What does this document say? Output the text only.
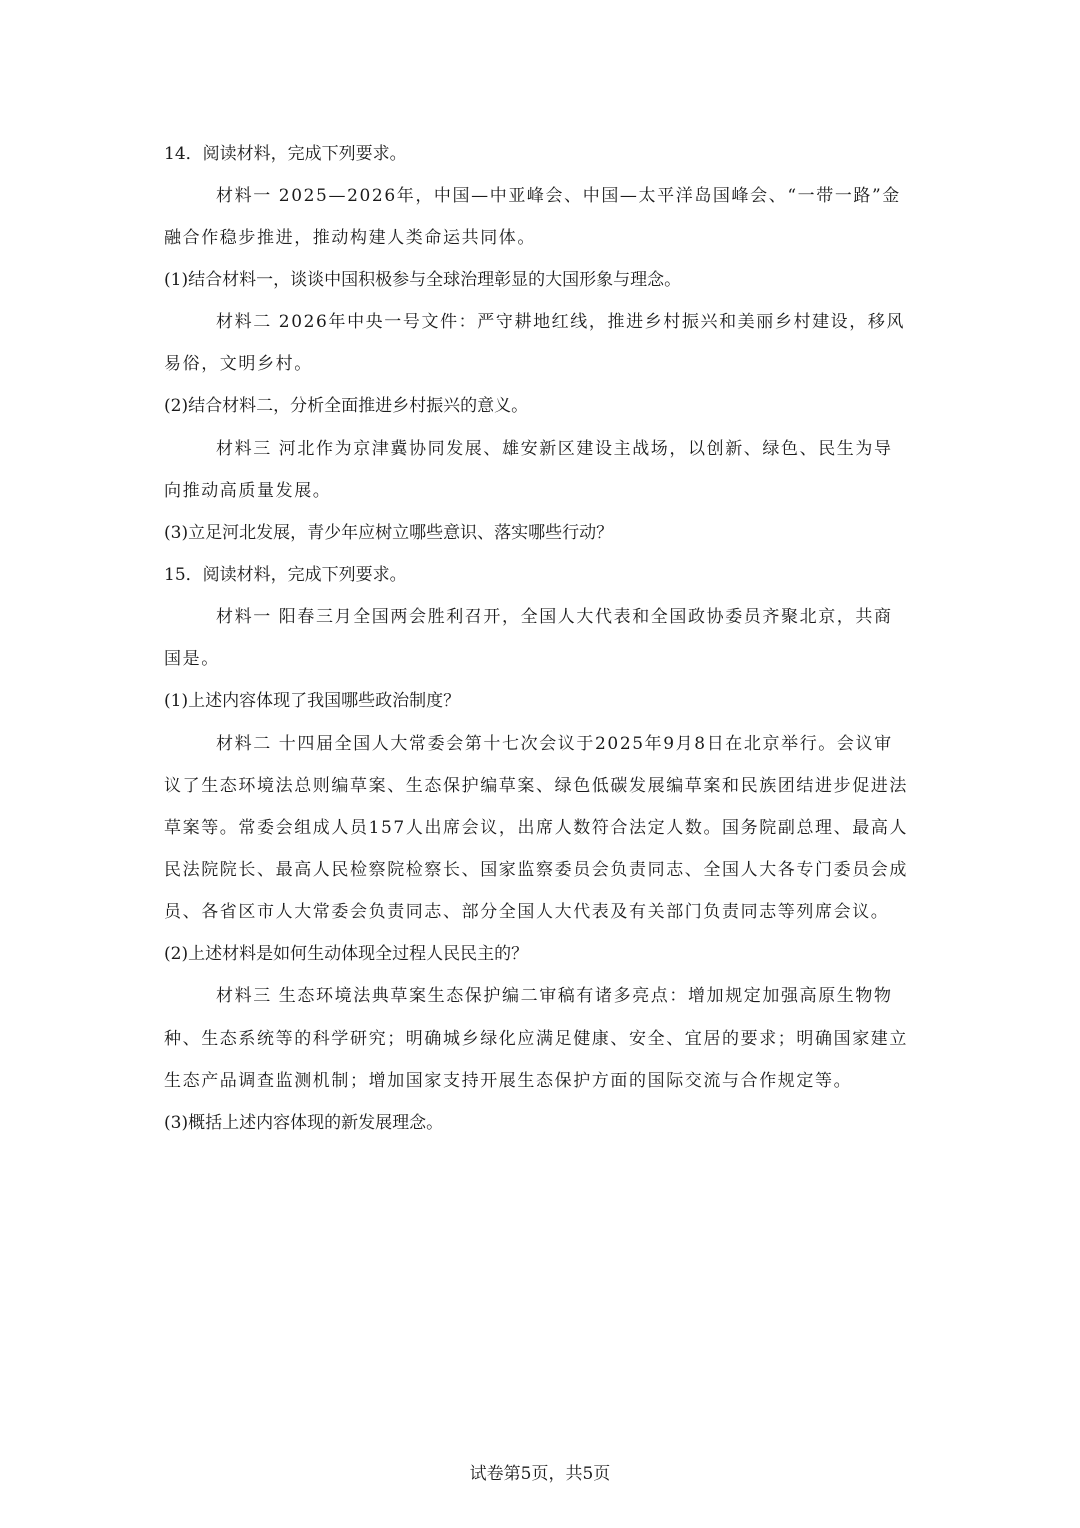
14．阅读材料，完成下列要求。
材料一 2025—2026年，中国—中亚峰会、中国—太平洋岛国峰会、“一带一路”金
融合作稳步推进，推动构建人类命运共同体。
(1)结合材料一，谈谈中国积极参与全球治理彰显的大国形象与理念。
材料二 2026年中央一号文件：严守耕地红线，推进乡村振兴和美丽乡村建设，移风
易俗，文明乡村。
(2)结合材料二，分析全面推进乡村振兴的意义。
材料三 河北作为京津冀协同发展、雄安新区建设主战场，以创新、绿色、民生为导
向推动高质量发展。
(3)立足河北发展，青少年应树立哪些意识、落实哪些行动？
15．阅读材料，完成下列要求。
材料一 阳春三月全国两会胜利召开，全国人大代表和全国政协委员齐聚北京，共商
国是。
(1)上述内容体现了我国哪些政治制度？
材料二 十四届全国人大常委会第十七次会议于2025年9月8日在北京举行。会议审
议了生态环境法总则编草案、生态保护编草案、绿色低碳发展编草案和民族团结进步促进法
草案等。常委会组成人员157人出席会议，出席人数符合法定人数。国务院副总理、最高人
民法院院长、最高人民检察院检察长、国家监察委员会负责同志、全国人大各专门委员会成
员、各省区市人大常委会负责同志、部分全国人大代表及有关部门负责同志等列席会议。
(2)上述材料是如何生动体现全过程人民民主的？
材料三 生态环境法典草案生态保护编二审稿有诸多亮点：增加规定加强高原生物物
种、生态系统等的科学研究；明确城乡绿化应满足健康、安全、宜居的要求；明确国家建立
生态产品调查监测机制；增加国家支持开展生态保护方面的国际交流与合作规定等。
(3)概括上述内容体现的新发展理念。
试卷第5页，共5页
